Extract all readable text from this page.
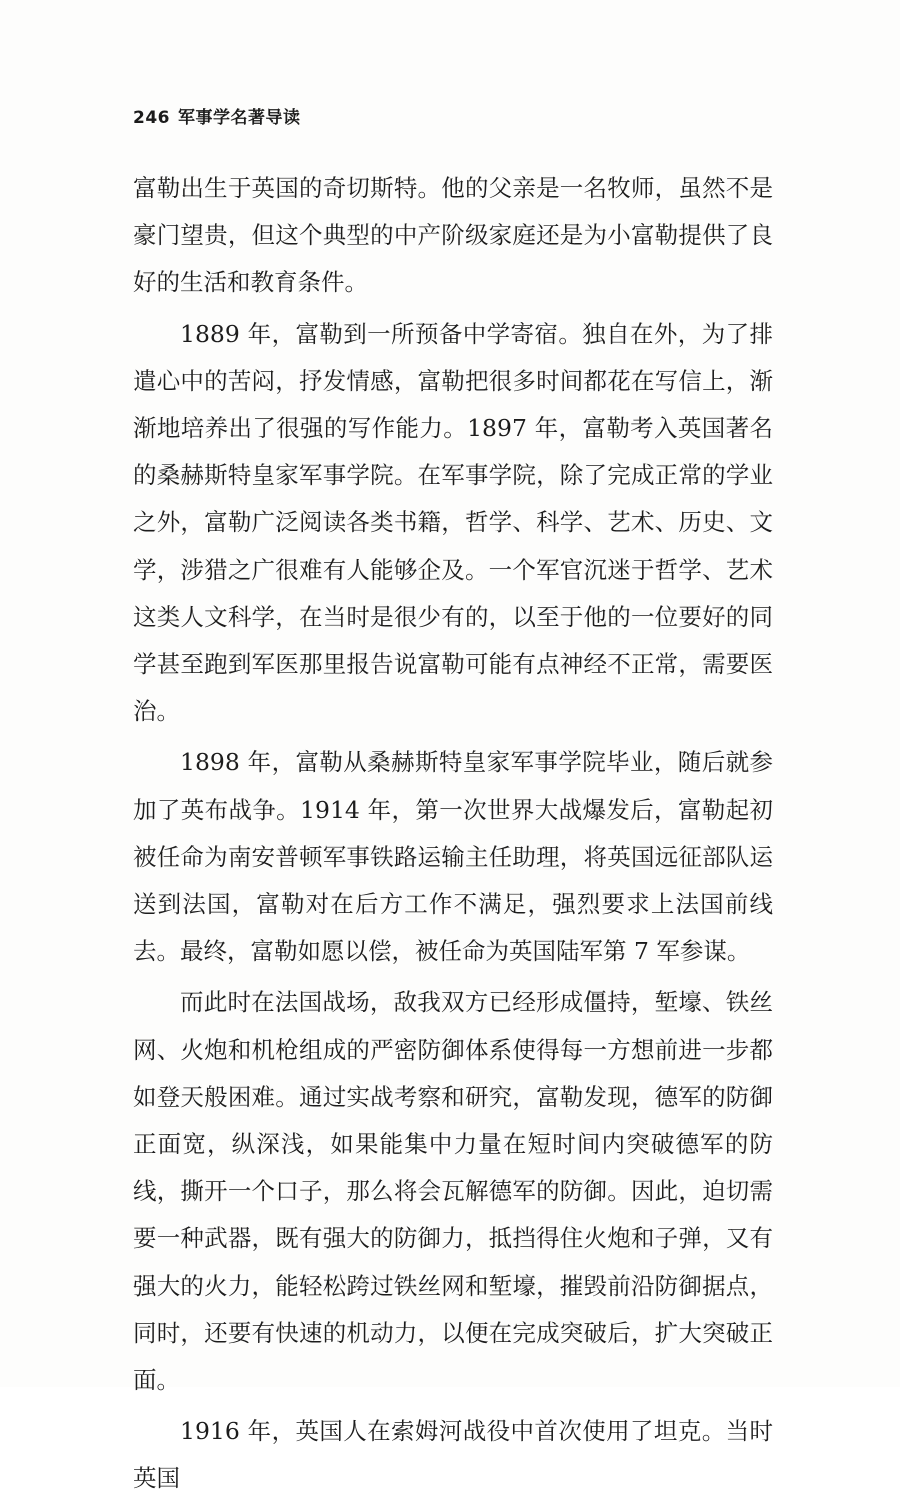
246 军事学名著导读

富勒出生于英国的奇切斯特。他的父亲是一名牧师，虽然不是豪门望贵，但这个典型的中产阶级家庭还是为小富勒提供了良好的生活和教育条件。

1889 年，富勒到一所预备中学寄宿。独自在外，为了排遣心中的苦闷，抒发情感，富勒把很多时间都花在写信上，渐渐地培养出了很强的写作能力。1897 年，富勒考入英国著名的桑赫斯特皇家军事学院。在军事学院，除了完成正常的学业之外，富勒广泛阅读各类书籍，哲学、科学、艺术、历史、文学，涉猎之广很难有人能够企及。一个军官沉迷于哲学、艺术这类人文科学，在当时是很少有的，以至于他的一位要好的同学甚至跑到军医那里报告说富勒可能有点神经不正常，需要医治。

1898 年，富勒从桑赫斯特皇家军事学院毕业，随后就参加了英布战争。1914 年，第一次世界大战爆发后，富勒起初被任命为南安普顿军事铁路运输主任助理，将英国远征部队运送到法国，富勒对在后方工作不满足，强烈要求上法国前线去。最终，富勒如愿以偿，被任命为英国陆军第 7 军参谋。

而此时在法国战场，敌我双方已经形成僵持，堑壕、铁丝网、火炮和机枪组成的严密防御体系使得每一方想前进一步都如登天般困难。通过实战考察和研究，富勒发现，德军的防御正面宽，纵深浅，如果能集中力量在短时间内突破德军的防线，撕开一个口子，那么将会瓦解德军的防御。因此，迫切需要一种武器，既有强大的防御力，抵挡得住火炮和子弹，又有强大的火力，能轻松跨过铁丝网和堑壕，摧毁前沿防御据点，同时，还要有快速的机动力，以便在完成突破后，扩大突破正面。

1916 年，英国人在索姆河战役中首次使用了坦克。当时英国
